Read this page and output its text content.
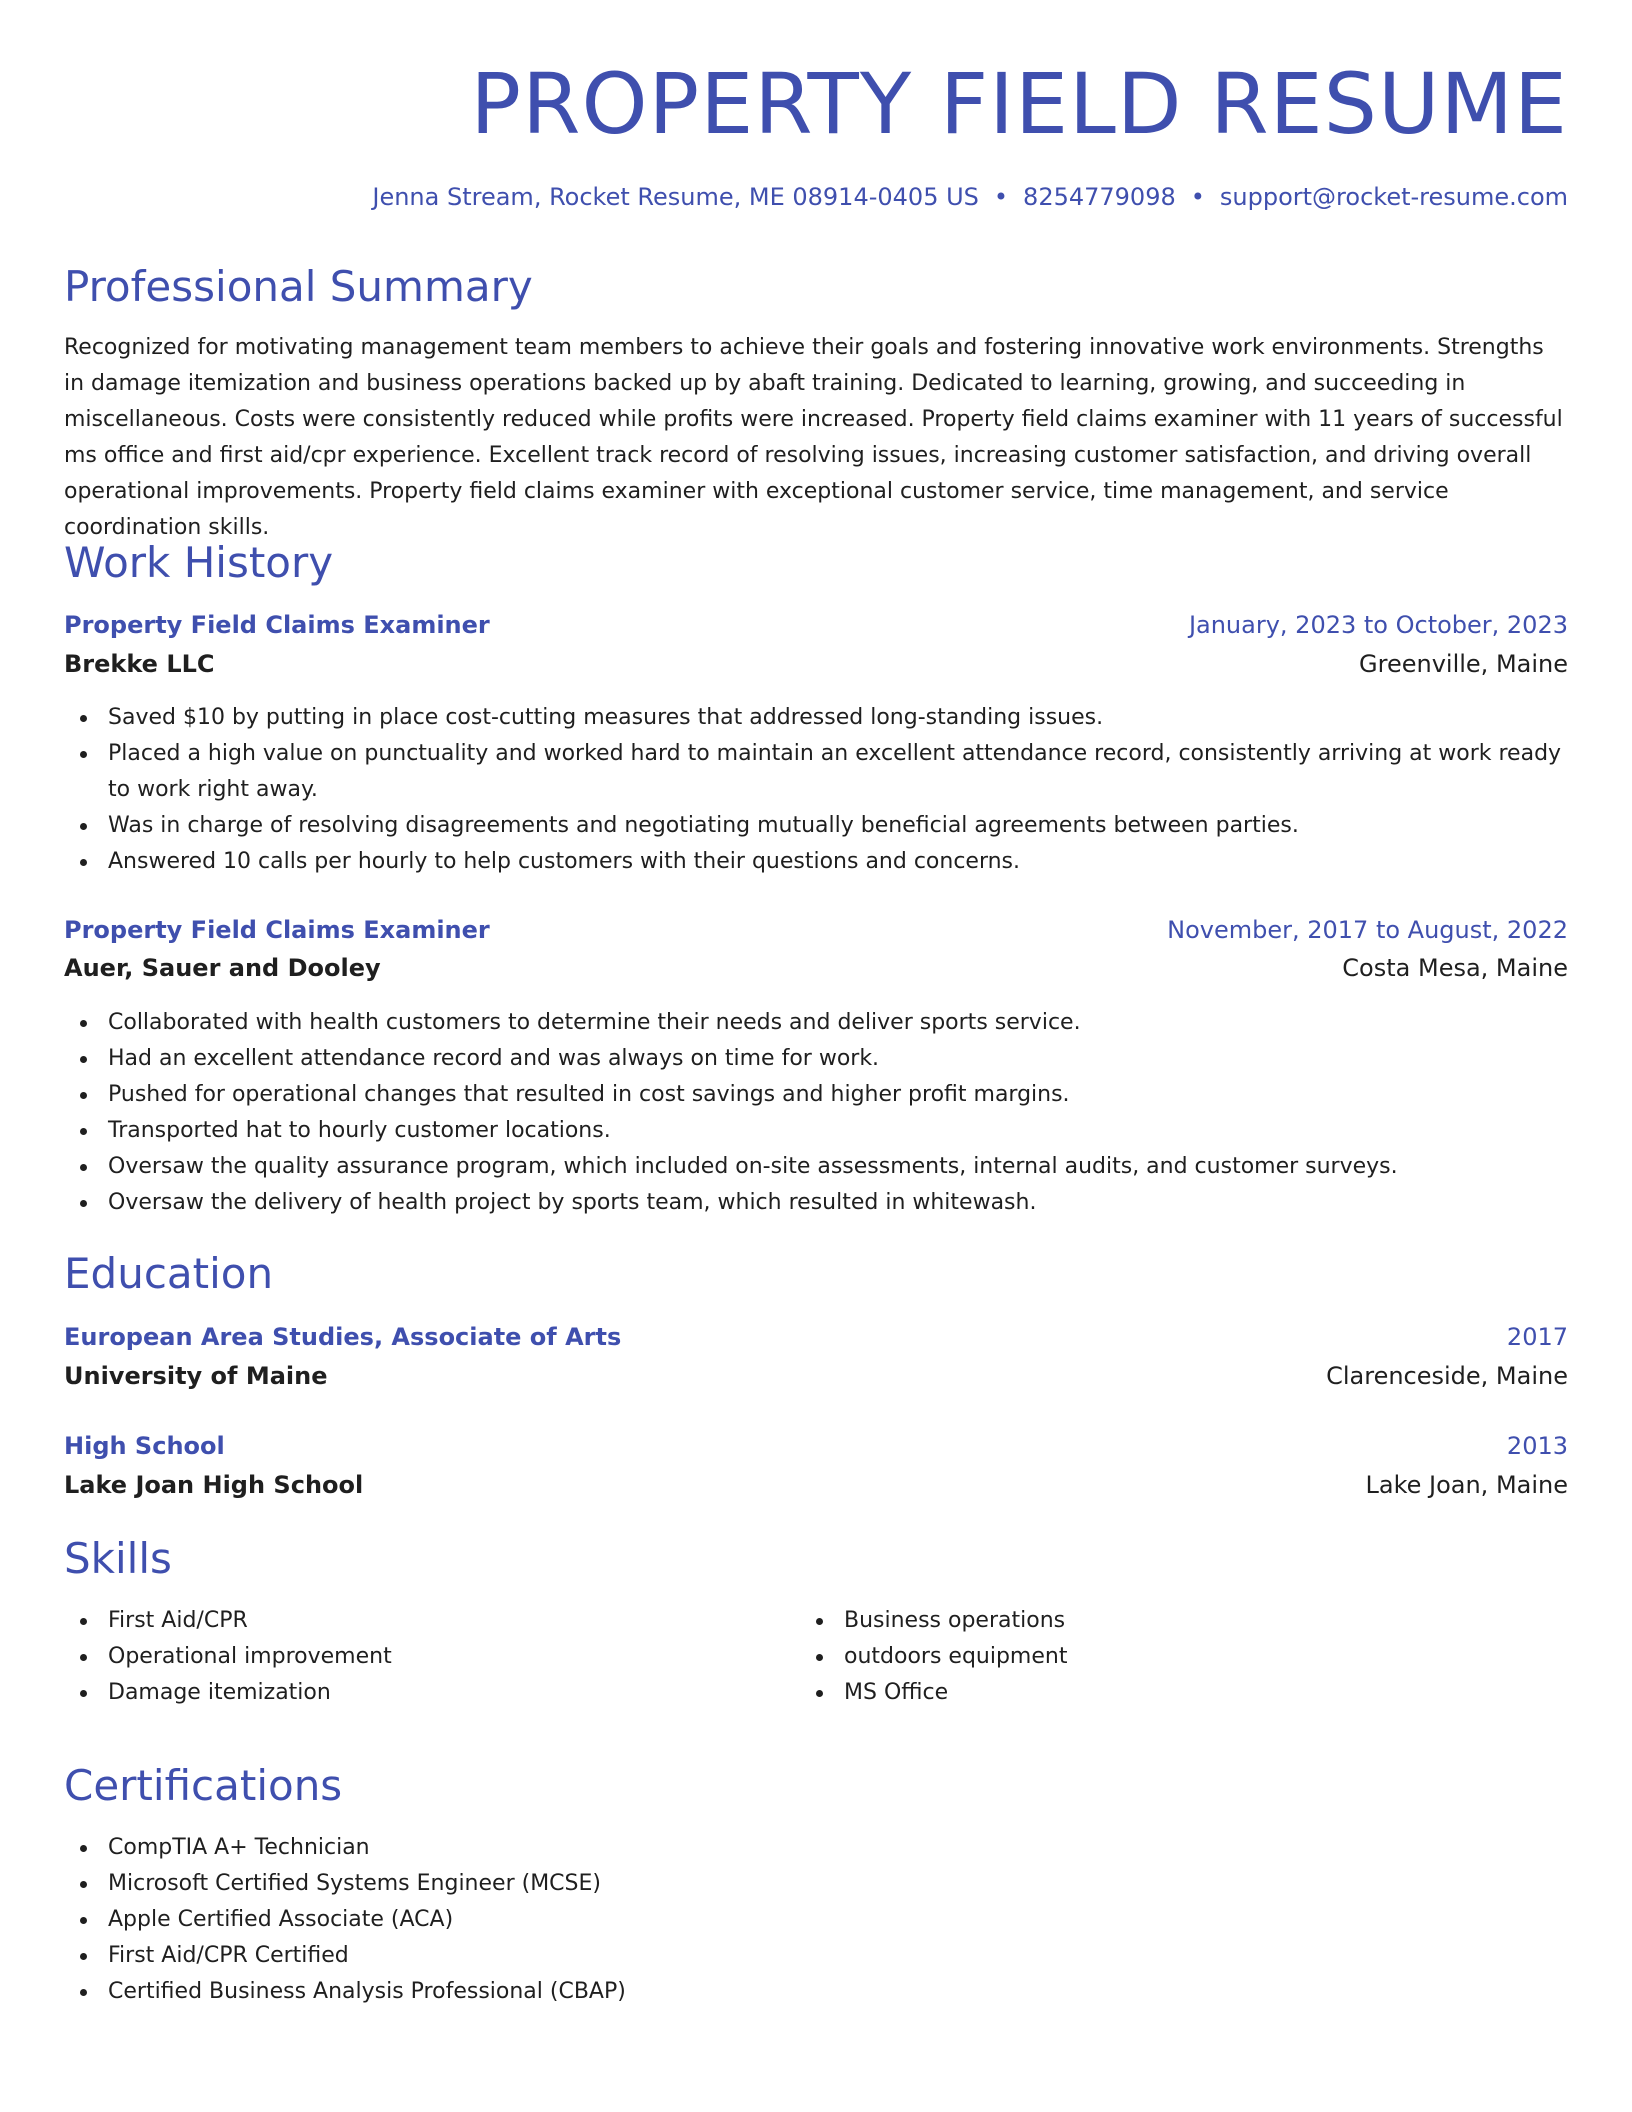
PROPERTY FIELD RESUME
Jenna Stream, Rocket Resume, ME 08914-0405 US • 8254779098 • support@rocket-resume.com
Professional Summary

Recognized for motivating management team members to achieve their goals and fostering innovative work environments. Strengths in damage itemization and business operations backed up by abaft training. Dedicated to learning, growing, and succeeding in miscellaneous. Costs were consistently reduced while profits were increased. Property field claims examiner with 11 years of successful ms office and first aid/cpr experience. Excellent track record of resolving issues, increasing customer satisfaction, and driving overall operational improvements. Property field claims examiner with exceptional customer service, time management, and service coordination skills.

Work History
Property Field Claims Examiner	January, 2023 to October, 2023
Brekke LLC	Greenville, Maine
Saved $10 by putting in place cost-cutting measures that addressed long-standing issues.
Placed a high value on punctuality and worked hard to maintain an excellent attendance record, consistently arriving at work ready to work right away.
Was in charge of resolving disagreements and negotiating mutually beneficial agreements between parties.
Answered 10 calls per hourly to help customers with their questions and concerns.
Property Field Claims Examiner	November, 2017 to August, 2022
Auer, Sauer and Dooley	Costa Mesa, Maine
Collaborated with health customers to determine their needs and deliver sports service.
Had an excellent attendance record and was always on time for work.
Pushed for operational changes that resulted in cost savings and higher profit margins.
Transported hat to hourly customer locations.
Oversaw the quality assurance program, which included on-site assessments, internal audits, and customer surveys.
Oversaw the delivery of health project by sports team, which resulted in whitewash.
Education
European Area Studies, Associate of Arts	2017
University of Maine	Clarenceside, Maine
High School	2013
Lake Joan High School	Lake Joan, Maine
Skills
First Aid/CPR
Operational improvement
Damage itemization
Business operations
outdoors equipment
MS Office
Certifications
CompTIA A+ Technician
Microsoft Certified Systems Engineer (MCSE)
Apple Certified Associate (ACA)
First Aid/CPR Certified
Certified Business Analysis Professional (CBAP)
